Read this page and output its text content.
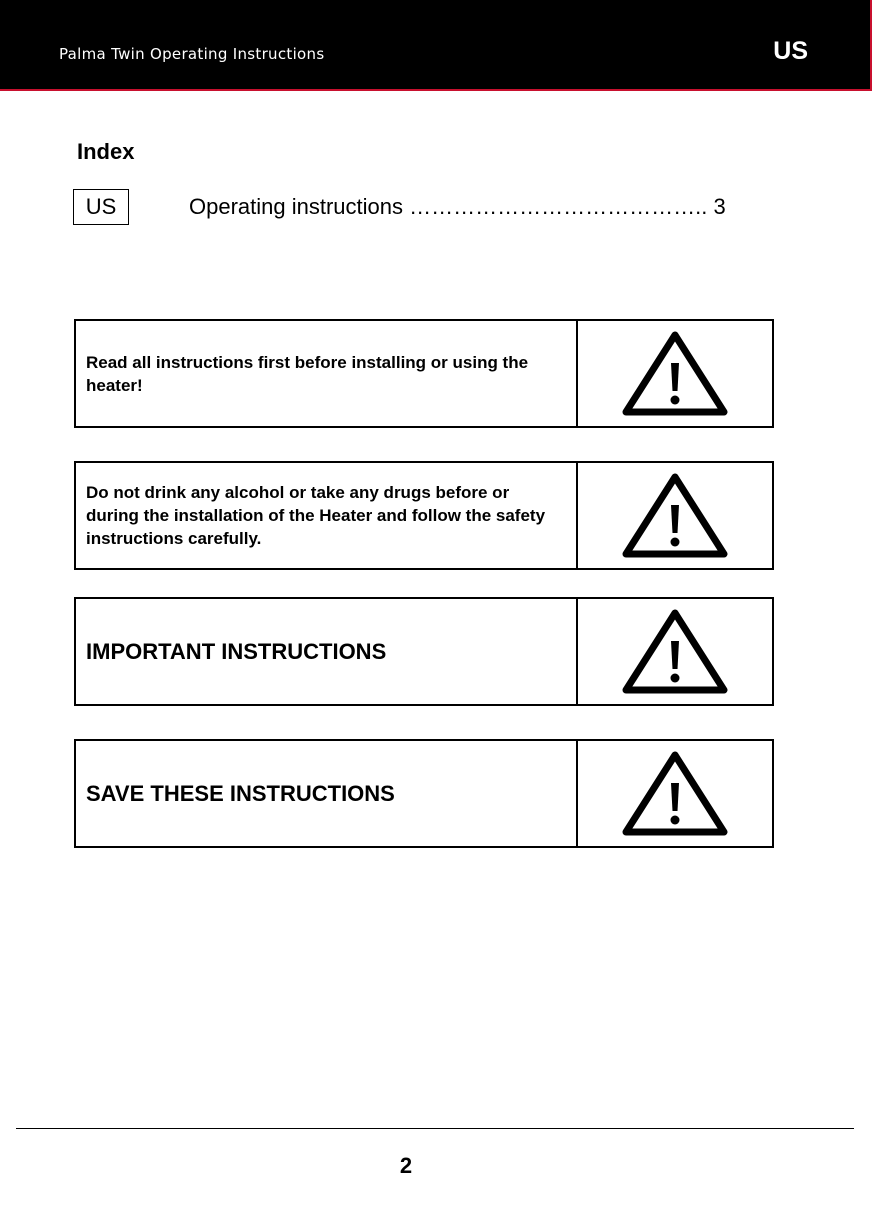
Palma Twin Operating Instructions	US
Index
US	Operating instructions ………………………………….. 3
Read all instructions first before installing or using the heater!
Do not drink any alcohol or take any drugs before or during the installation of the Heater and follow the safety instructions carefully.
IMPORTANT INSTRUCTIONS
SAVE THESE INSTRUCTIONS
2
